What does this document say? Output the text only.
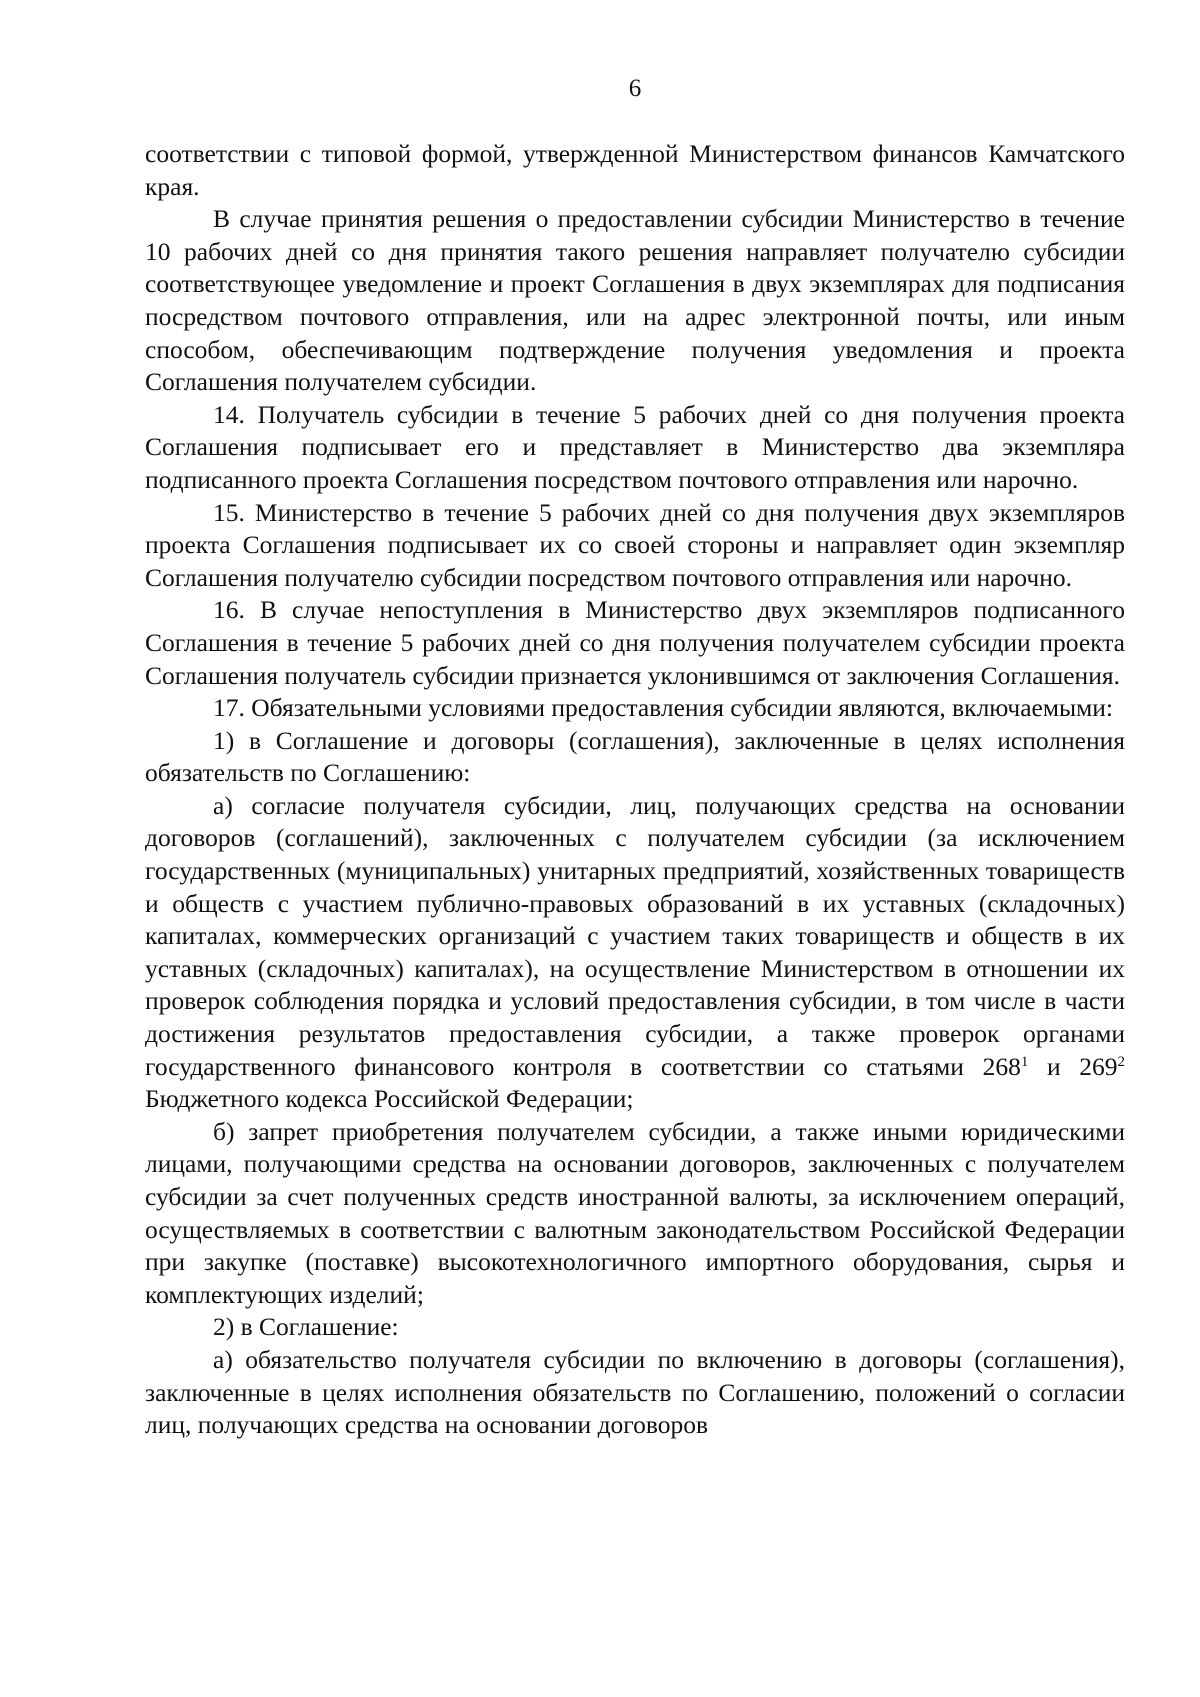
6

соответствии с типовой формой, утвержденной Министерством финансов Камчатского края.

В случае принятия решения о предоставлении субсидии Министерство в течение 10 рабочих дней со дня принятия такого решения направляет получателю субсидии соответствующее уведомление и проект Соглашения в двух экземплярах для подписания посредством почтового отправления, или на адрес электронной почты, или иным способом, обеспечивающим подтверждение получения уведомления и проекта Соглашения получателем субсидии.

14. Получатель субсидии в течение 5 рабочих дней со дня получения проекта Соглашения подписывает его и представляет в Министерство два экземпляра подписанного проекта Соглашения посредством почтового отправления или нарочно.

15. Министерство в течение 5 рабочих дней со дня получения двух экземпляров проекта Соглашения подписывает их со своей стороны и направляет один экземпляр Соглашения получателю субсидии посредством почтового отправления или нарочно.

16. В случае непоступления в Министерство двух экземпляров подписанного Соглашения в течение 5 рабочих дней со дня получения получателем субсидии проекта Соглашения получатель субсидии признается уклонившимся от заключения Соглашения.

17. Обязательными условиями предоставления субсидии являются, включаемыми:

1) в Соглашение и договоры (соглашения), заключенные в целях исполнения обязательств по Соглашению:

а) согласие получателя субсидии, лиц, получающих средства на основании договоров (соглашений), заключенных с получателем субсидии (за исключением государственных (муниципальных) унитарных предприятий, хозяйственных товариществ и обществ с участием публично-правовых образований в их уставных (складочных) капиталах, коммерческих организаций с участием таких товариществ и обществ в их уставных (складочных) капиталах), на осуществление Министерством в отношении их проверок соблюдения порядка и условий предоставления субсидии, в том числе в части достижения результатов предоставления субсидии, а также проверок органами государственного финансового контроля в соответствии со статьями $268^1$ и $269^2$ Бюджетного кодекса Российской Федерации;

б) запрет приобретения получателем субсидии, а также иными юридическими лицами, получающими средства на основании договоров, заключенных с получателем субсидии за счет полученных средств иностранной валюты, за исключением операций, осуществляемых в соответствии с валютным законодательством Российской Федерации при закупке (поставке) высокотехнологичного импортного оборудования, сырья и комплектующих изделий;

2) в Соглашение:

а) обязательство получателя субсидии по включению в договоры (соглашения), заключенные в целях исполнения обязательств по Соглашению, положений о согласии лиц, получающих средства на основании договоров
